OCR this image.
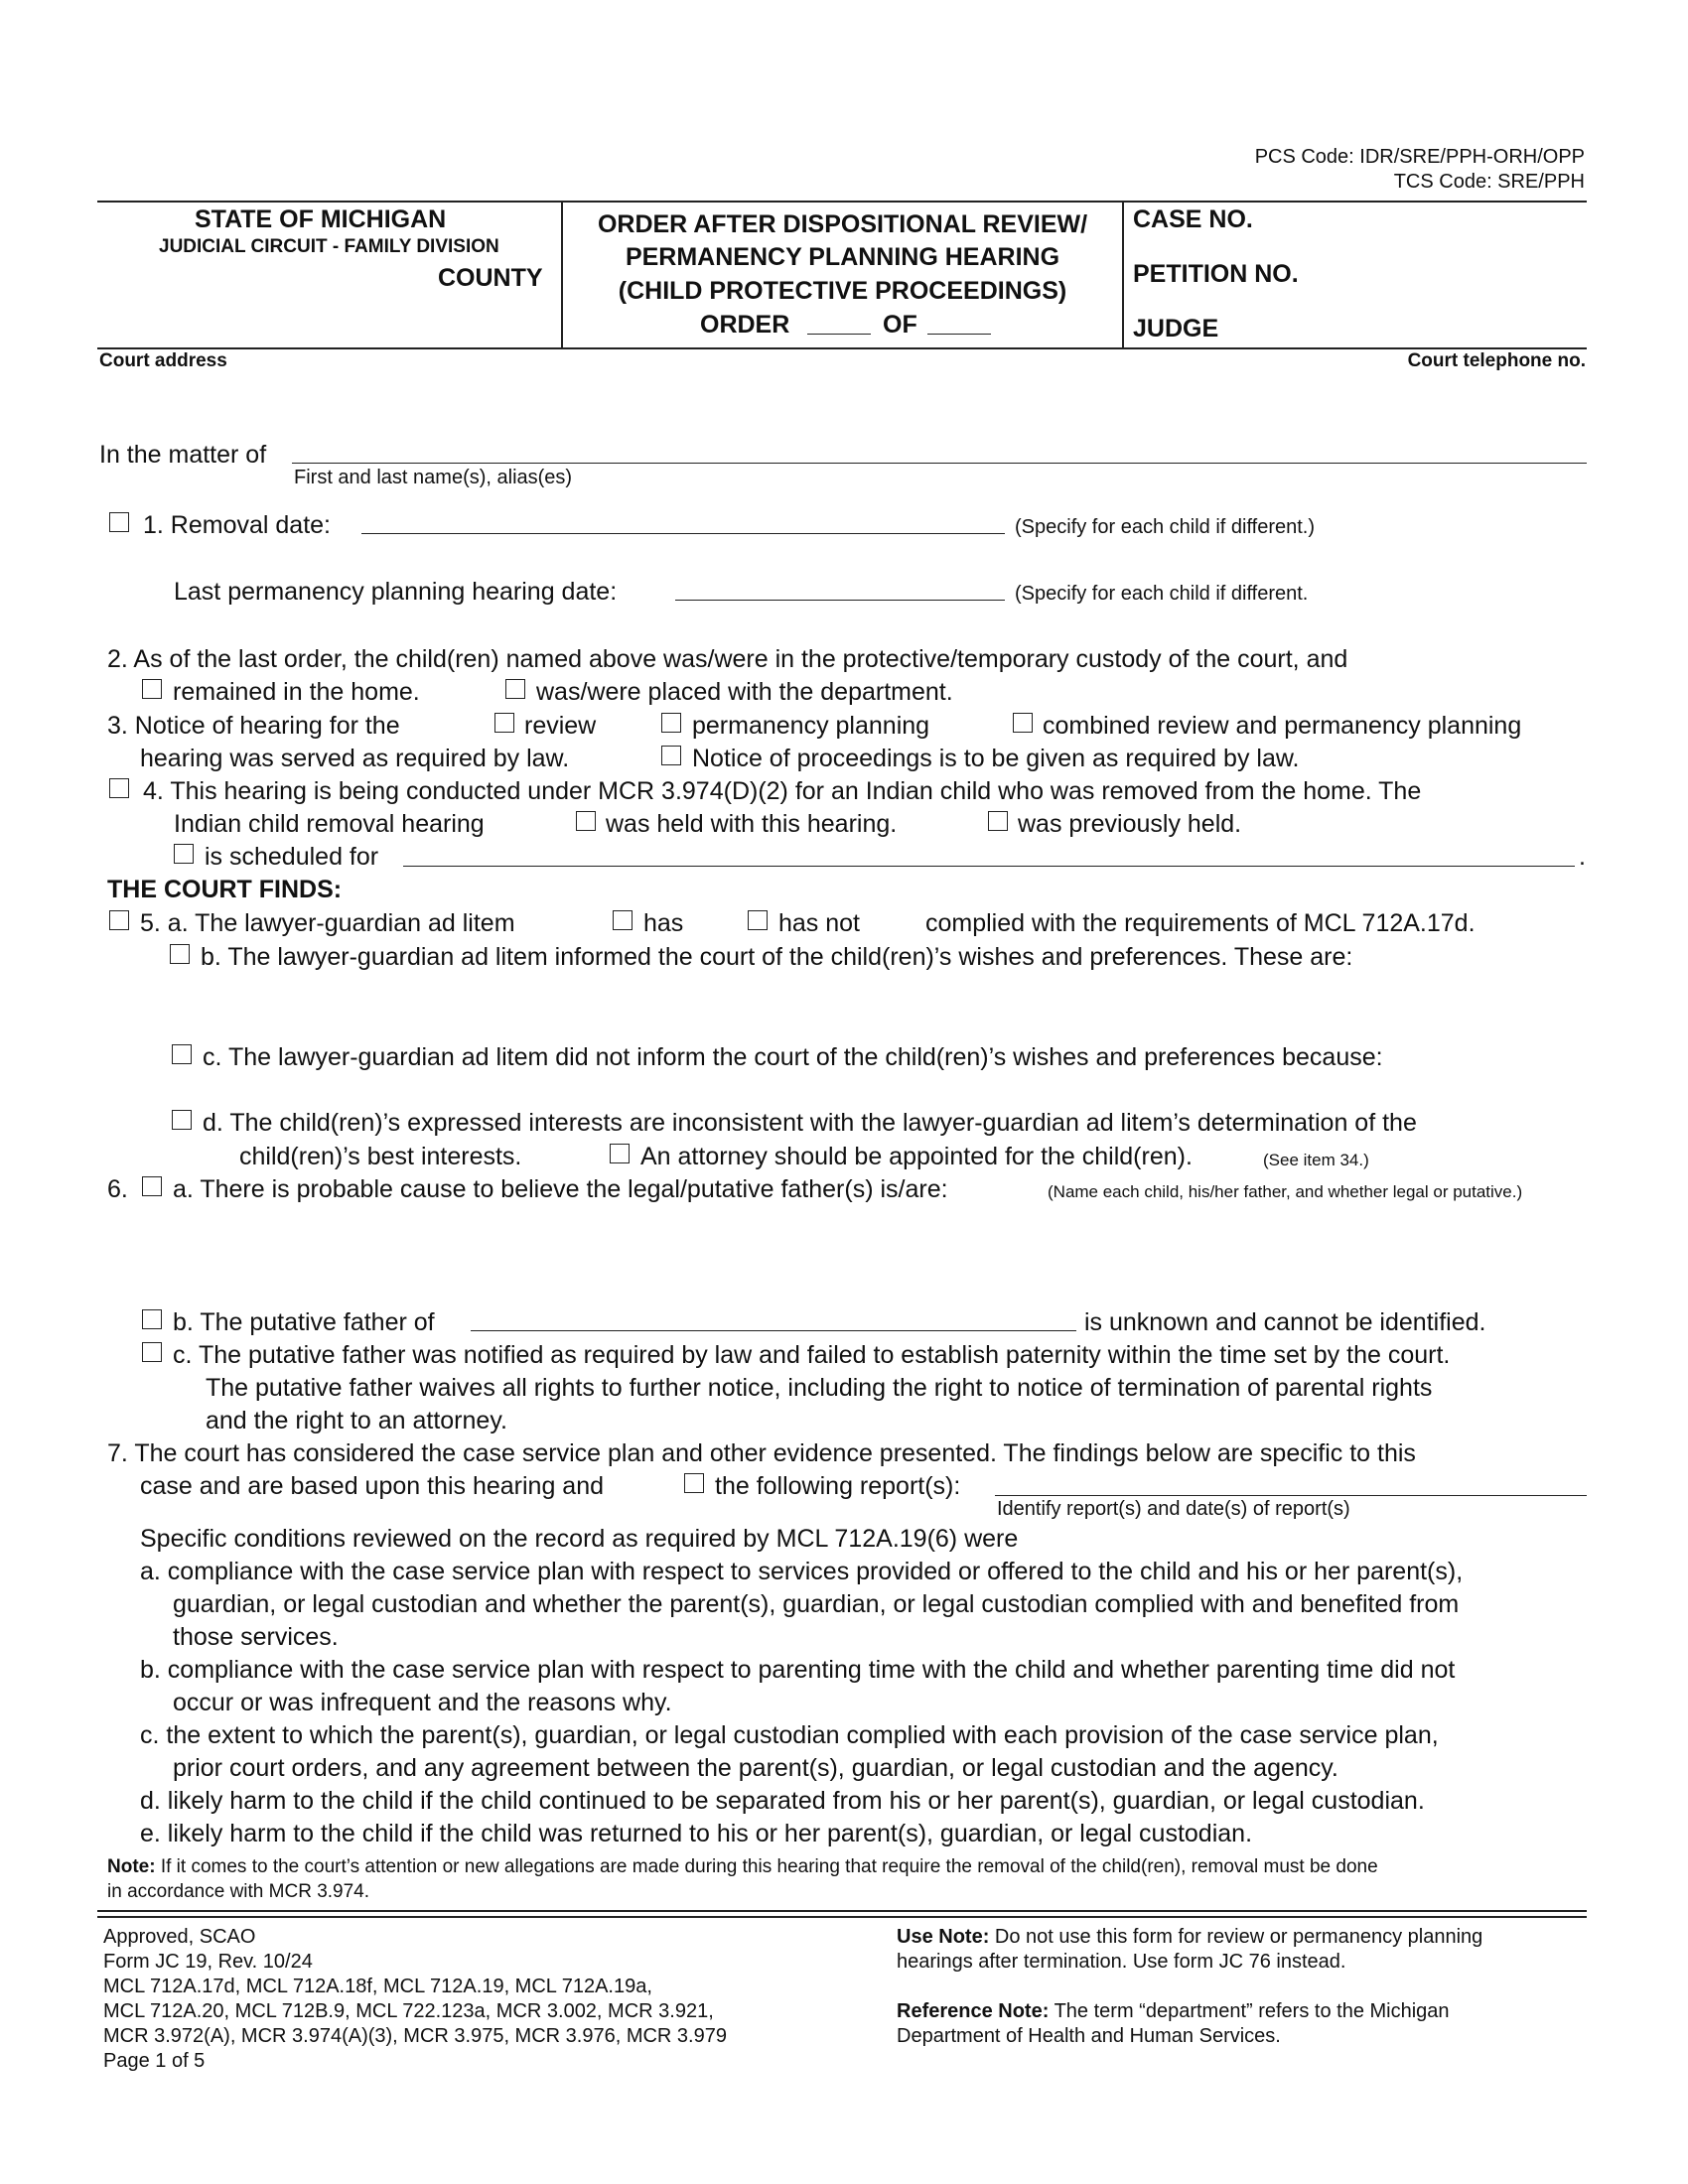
PCS Code: IDR/SRE/PPH-ORH/OPP
TCS Code: SRE/PPH
STATE OF MICHIGAN
JUDICIAL CIRCUIT - FAMILY DIVISION
COUNTY
ORDER AFTER DISPOSITIONAL REVIEW/
PERMANENCY PLANNING HEARING
(CHILD PROTECTIVE PROCEEDINGS)
ORDER	OF
CASE NO.
PETITION NO.
JUDGE
Court address	Court telephone no.
In the matter of
First and last name(s), alias(es)
1. Removal date:	(Specify for each child if different.)
Last permanency planning hearing date:	(Specify for each child if different.
2. As of the last order, the child(ren) named above was/were in the protective/temporary custody of the court, and
remained in the home.	was/were placed with the department.
3. Notice of hearing for the	review	permanency planning	combined review and permanency planning
hearing was served as required by law.	Notice of proceedings is to be given as required by law.
4. This hearing is being conducted under MCR 3.974(D)(2) for an Indian child who was removed from the home. The
Indian child removal hearing	was held with this hearing.	was previously held.
is scheduled for	.
THE COURT FINDS:
5. a. The lawyer-guardian ad litem	has	has not	complied with the requirements of MCL 712A.17d.
b. The lawyer-guardian ad litem informed the court of the child(ren)’s wishes and preferences. These are:
c. The lawyer-guardian ad litem did not inform the court of the child(ren)’s wishes and preferences because:
d. The child(ren)’s expressed interests are inconsistent with the lawyer-guardian ad litem’s determination of the
child(ren)’s best interests.	An attorney should be appointed for the child(ren).	(See item 34.)
6. a. There is probable cause to believe the legal/putative father(s) is/are:	(Name each child, his/her father, and whether legal or putative.)
b. The putative father of	is unknown and cannot be identified.
c. The putative father was notified as required by law and failed to establish paternity within the time set by the court.
The putative father waives all rights to further notice, including the right to notice of termination of parental rights
and the right to an attorney.
7. The court has considered the case service plan and other evidence presented. The findings below are specific to this
case and are based upon this hearing and	the following report(s):
Identify report(s) and date(s) of report(s)
Specific conditions reviewed on the record as required by MCL 712A.19(6) were
a. compliance with the case service plan with respect to services provided or offered to the child and his or her parent(s),
guardian, or legal custodian and whether the parent(s), guardian, or legal custodian complied with and benefited from
those services.
b. compliance with the case service plan with respect to parenting time with the child and whether parenting time did not
occur or was infrequent and the reasons why.
c. the extent to which the parent(s), guardian, or legal custodian complied with each provision of the case service plan,
prior court orders, and any agreement between the parent(s), guardian, or legal custodian and the agency.
d. likely harm to the child if the child continued to be separated from his or her parent(s), guardian, or legal custodian.
e. likely harm to the child if the child was returned to his or her parent(s), guardian, or legal custodian.
Note: If it comes to the court’s attention or new allegations are made during this hearing that require the removal of the child(ren), removal must be done
in accordance with MCR 3.974.
Approved, SCAO
Form JC 19, Rev. 10/24
MCL 712A.17d, MCL 712A.18f, MCL 712A.19, MCL 712A.19a,
MCL 712A.20, MCL 712B.9, MCL 722.123a, MCR 3.002, MCR 3.921,
MCR 3.972(A), MCR 3.974(A)(3), MCR 3.975, MCR 3.976, MCR 3.979
Page 1 of 5
Use Note: Do not use this form for review or permanency planning
hearings after termination. Use form JC 76 instead.
Reference Note: The term “department” refers to the Michigan
Department of Health and Human Services.
